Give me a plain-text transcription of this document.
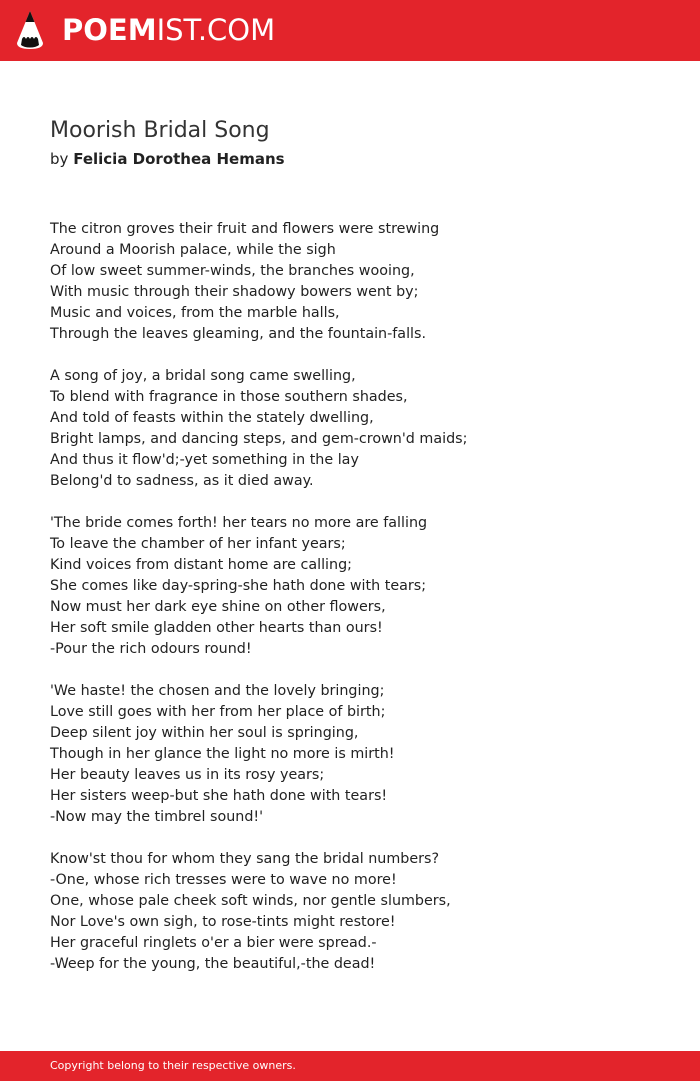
POEMIST.COM
Moorish Bridal Song
by Felicia Dorothea Hemans
The citron groves their fruit and flowers were strewing
Around a Moorish palace, while the sigh
Of low sweet summer-winds, the branches wooing,
With music through their shadowy bowers went by;
Music and voices, from the marble halls,
Through the leaves gleaming, and the fountain-falls.
A song of joy, a bridal song came swelling,
To blend with fragrance in those southern shades,
And told of feasts within the stately dwelling,
Bright lamps, and dancing steps, and gem-crown'd maids;
And thus it flow'd;-yet something in the lay
Belong'd to sadness, as it died away.
'The bride comes forth! her tears no more are falling
To leave the chamber of her infant years;
Kind voices from distant home are calling;
She comes like day-spring-she hath done with tears;
Now must her dark eye shine on other flowers,
Her soft smile gladden other hearts than ours!
-Pour the rich odours round!
'We haste! the chosen and the lovely bringing;
Love still goes with her from her place of birth;
Deep silent joy within her soul is springing,
Though in her glance the light no more is mirth!
Her beauty leaves us in its rosy years;
Her sisters weep-but she hath done with tears!
-Now may the timbrel sound!'
Know'st thou for whom they sang the bridal numbers?
-One, whose rich tresses were to wave no more!
One, whose pale cheek soft winds, nor gentle slumbers,
Nor Love's own sigh, to rose-tints might restore!
Her graceful ringlets o'er a bier were spread.-
-Weep for the young, the beautiful,-the dead!
Copyright belong to their respective owners.
